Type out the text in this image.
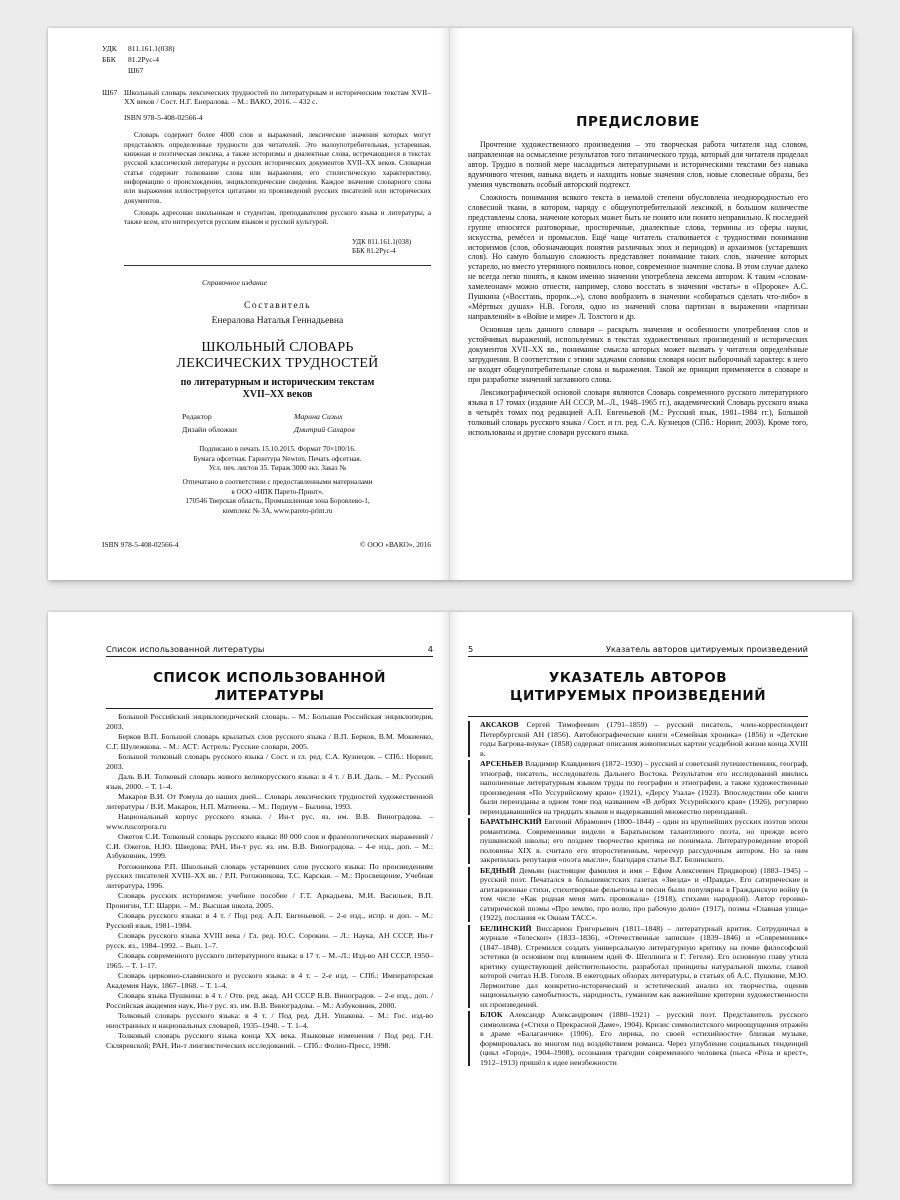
УДК	811.161.1(038)
ББК	81.2Рус-4
Ш67
Ш67 Школьный словарь лексических трудностей по литературным и историческим текстам XVII–XX веков / Сост. Н.Г. Енералова. – М.: ВАКО, 2016. – 432 с.
ISBN 978-5-408-02566-4

Словарь содержит более 4000 слов и выражений, лексические значения которых могут представлять определенные трудности для читателей. Это малоупотребительная, устаревшая, книжная и поэтическая лексика, а также историзмы и диалектные слова, встречающиеся в текстах русской классической литературы и русских исторических документов XVII–XX веков. Словарная статья содержит толкование слова или выражения, его стилистическую характеристику, информацию о происхождении, энциклопедические сведения. Каждое значение словарного слова или выражения иллюстрируется цитатами из произведений русских писателей или исторических документов.

Словарь адресован школьникам и студентам, преподавателям русского языка и литературы, а также всем, кто интересуется русским языком и русской культурой.

УДК 811.161.1(038)
ББК 81.2Рус-4
Справочное издание
Составитель
Енералова Наталья Геннадьевна
ШКОЛЬНЫЙ СЛОВАРЬ
ЛЕКСИЧЕСКИХ ТРУДНОСТЕЙ
по литературным и историческим текстам
XVII–XX веков
Редактор	Марина Сизых
Дизайн обложки	Дмитрий Сахаров
Подписано в печать 15.10.2015. Формат 70×100/16.
Бумага офсетная. Гарнитура Newton. Печать офсетная.
Усл. печ. листов 35. Тираж 3000 экз. Заказ №
Отпечатано в соответствии с предоставленными материалами
в ООО «ИПК Парето-Принт».
170546 Тверская область, Промышленная зона Боровлево-1,
комплекс № 3А, www.pareto-print.ru
ISBN 978-5-408-02566-4	© ООО «ВАКО», 2016
ПРЕДИСЛОВИЕ

Прочтение художественного произведения – это творческая работа читателя над словом, направленная на осмысление результатов того титанического труда, который для читателя проделал автор. Трудно в полной мере насладиться литературными и историческими текстами без навыка вдумчивого чтения, навыка видеть и находить новые значения слов, новые словесные образы, без умения чувствовать особый авторский подтекст.

Сложность понимания всякого текста в немалой степени обусловлена неоднородностью его словесной ткани, в котором, наряду с общеупотребительной лексикой, в большом количестве представлены слова, значение которых может быть не понято или понято неправильно. К последней группе относятся разговорные, просторечные, диалектные слова, термины из сферы науки, искусства, ремёсел и промыслов. Ещё чаще читатель сталкивается с трудностями понимания историзмов (слов, обозначающих понятия различных эпох и периодов) и архаизмов (устаревших слов). Но самую большую сложность представляет понимание таких слов, значение которых устарело, но вместо утерянного появилось новое, современное значение слова. В этом случае далеко не всегда легко понять, в каком именно значении употреблена лексема автором. К таким «словам-хамелеонам» можно отнести, например, слово восстать в значении «встать» в «Пророке» А.С. Пушкина («Восстань, пророк...»), слово вообразить в значении «собираться сделать что-либо» в «Мёртвых душах» Н.В. Гоголя, одно из значений слова партизан в выражении «партизан направлений» в «Войне и мире» Л. Толстого и др.

Основная цель данного словаря – раскрыть значения и особенности употребления слов и устойчивых выражений, используемых в текстах художественных произведений и исторических документов XVII–XX вв., понимание смысла которых может вызвать у читателя определённые затруднения. В соответствии с этими задачами словник словаря носит выборочный характер: в него не входят общеупотребительные слова и выражения. Такой же принцип применяется в словаре и при разработке значений заглавного слова.

Лексикографической основой словаря являются Словарь современного русского литературного языка в 17 томах (издание АН СССР, М.–Л., 1948–1965 гг.), академический Словарь русского языка в четырёх томах под редакцией А.П. Евгеньевой (М.: Русский язык, 1981–1984 гг.), Большой толковый словарь русского языка / Сост. и гл. ред. С.А. Кузнецов (СПб.: Норинт, 2003). Кроме того, использованы и другие словари русского языка.

Список использованной литературы	4
СПИСОК ИСПОЛЬЗОВАННОЙ
ЛИТЕРАТУРЫ

Большой Российский энциклопедический словарь. – М.: Большая Российская энциклопедия, 2003.

Берков В.П. Большой словарь крылатых слов русского языка / В.П. Берков, В.М. Мокиенко, С.Г. Шулежкова. – М.: АСТ: Астрель: Русские словари, 2005.

Большой толковый словарь русского языка / Сост. и гл. ред. С.А. Кузнецов. – СПб.: Норинт, 2003.

Даль В.И. Толковый словарь живого великорусского языка: в 4 т. / В.И. Даль. – М.: Русский язык, 2000. – Т. 1–4.

Макаров В.И. От Ромула до наших дней... Словарь лексических трудностей художественной литературы / В.И. Макаров, Н.П. Матвеева. – М.: Подиум – Былина, 1993.

Национальный корпус русского языка. / Ин-т рус. яз. им. В.В. Виноградова. – www.ruscorpora.ru

Ожегов С.И. Толковый словарь русского языка: 80 000 слов и фразеологических выражений / С.И. Ожегов, Н.Ю. Шведова; РАН, Ин-т рус. яз. им. В.В. Виноградова. – 4-е изд., доп. – М.: Азбуковник, 1999.

Рогожникова Р.П. Школьный словарь устаревших слов русского языка: По произведениям русских писателей XVIII–XX вв. / Р.П. Рогожникова, Т.С. Карская. – М.: Просвещение, Учебная литература, 1996.

Словарь русских историзмов: учебное пособие / Г.Т. Аркадьева, М.И. Васильев, В.П. Пронигин, Т.Г. Шарри. – М.: Высшая школа, 2005.

Словарь русского языка: в 4 т. / Под ред. А.П. Евгеньевой. – 2-е изд., испр. и доп. – М.: Русский язык, 1981–1984.

Словарь русского языка XVIII века / Гл. ред. Ю.С. Сорокин. – Л.: Наука, АН СССР, Ин-т русск. яз., 1984–1992. – Вып. 1–7.

Словарь современного русского литературного языка: в 17 т. – М.–Л.: Изд-во АН СССР, 1950–1965. – Т. 1–17.

Словарь церковно-славянского и русского языка: в 4 т. – 2-е изд. – СПб.: Императорская Академия Наук, 1867–1868. – Т. 1–4.

Словарь языка Пушкина: в 4 т. / Отв. ред. акад. АН СССР В.В. Виноградов. – 2-е изд., доп. / Российская академия наук, Ин-т рус. яз. им. В.В. Виноградова. – М.: Азбуковник, 2000.

Толковый словарь русского языка: в 4 т. / Под ред. Д.Н. Ушакова. – М.: Гос. изд-во иностранных и национальных словарей, 1935–1940. – Т. 1–4.

Толковый словарь русского языка конца XX века. Языковые изменения / Под ред. Г.Н. Скляревской; РАН, Ин-т лингвистических исследований. – СПб.: Фолио-Пресс, 1998.

5	Указатель авторов цитируемых произведений
УКАЗАТЕЛЬ АВТОРОВ
ЦИТИРУЕМЫХ ПРОИЗВЕДЕНИЙ
АКСАКОВ Сергей Тимофеевич (1791–1859) – русский писатель, член-корреспондент Петербургской АН (1856). Автобиографические книги «Семейная хроника» (1856) и «Детские годы Багрова-внука» (1858) содержат описания живописных картин усадебной жизни конца XVIII в.
АРСЕНЬЕВ Владимир Клавдиевич (1872–1930) – русский и советский путешественник, географ, этнограф, писатель, исследователь Дальнего Востока. Результатом его исследований явились наполненные литературным языком труды по географии и этнографии, а также художественные произведения «По Уссурийскому краю» (1921), «Дерсу Узала» (1923). Впоследствии обе книги были переизданы в одном томе под названием «В дебрях Уссурийского края» (1926), регулярно переиздававшийся на тридцать языков и выдержавший множество переизданий.
БАРАТЫНСКИЙ Евгений Абрамович (1800–1844) – один из крупнейших русских поэтов эпохи романтизма. Современники видели в Баратынском талантливого поэта, но прежде всего пушкинской школы; его позднее творчество критика не понимала. Литературоведение второй половины XIX в. считало его второстепенным, чересчур рассудочным автором. Но за ним закрепилась репутация «поэта мысли», благодаря статье В.Г. Белинского.
БЕДНЫЙ Демьян (настоящие фамилия и имя – Ефим Алексеевич Придворов) (1883–1945) – русский поэт. Печатался в большевистских газетах «Звезда» и «Правда». Его сатирические и агитационные стихи, стихотворные фельетоны и песни были популярны в Гражданскую войну (в том числе «Как родная меня мать провожала» (1918), стихами народной). Автор героико-сатирической поэмы «Про землю, про волю, про рабочую долю» (1917), поэмы «Главная улица» (1922), послания «к Окнам ТАСС».
БЕЛИНСКИЙ Виссарион Григорьевич (1811–1848) – литературный критик. Сотрудничал в журнале «Телескоп» (1833–1836), «Отечественные записки» (1839–1846) и «Современник» (1847–1848). Стремился создать универсальную литературную критику на почве философской эстетики (в основном под влиянием идей Ф. Шеллинга и Г. Гегеля). Его основную главу утила критику существующей действительности, разработал принципы натуральной школы, главой которой считал Н.В. Гоголя. В ежегодных обзорах литературы, в статьях об А.С. Пушкине, М.Ю. Лермонтове дал конкретно-исторический и эстетический анализ их творчества, оценив национальную самобытность, народность, гуманизм как важнейшие критерии художественности их произведений.
БЛОК Александр Александрович (1880–1921) – русский поэт. Представитель русского символизма («Стихи о Прекрасной Даме», 1904). Кризис символистского мироощущения отражён в драме «Балаганчик» (1906). Его лирика, по своей «стихийности» близкая музыке, формировалась во многом под воздействием романса. Через углубление социальных тенденций (цикл «Город», 1904–1908), осознания трагедии современного человека (пьеса «Роза и крест», 1912–1913) пришёл к идее неизбежности
